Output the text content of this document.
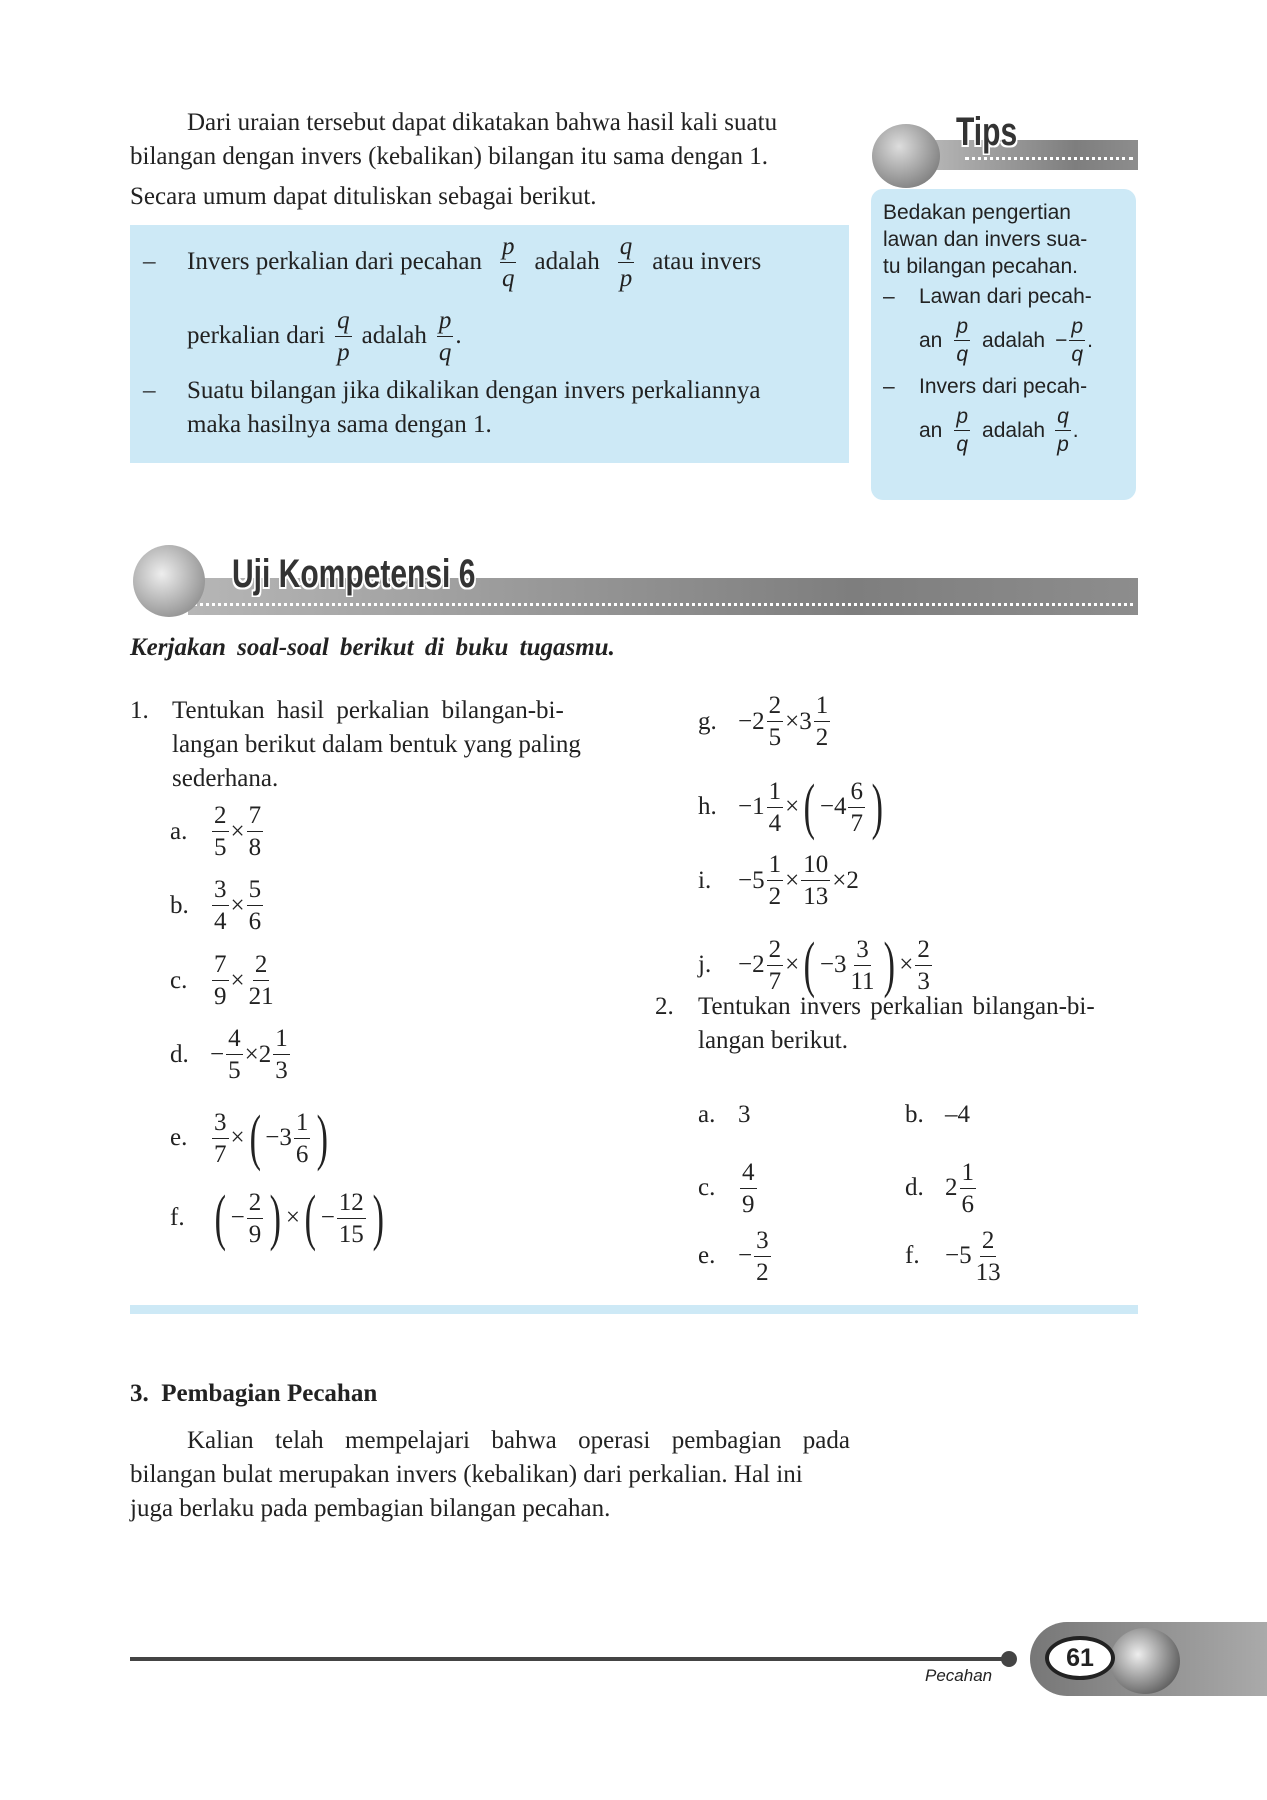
Dari uraian tersebut dapat dikatakan bahwa hasil kali suatu
bilangan dengan invers (kebalikan) bilangan itu sama dengan 1.
Secara umum dapat dituliskan sebagai berikut.
–	Invers perkalian dari pecahan $\frac{p}{q}$ adalah $\frac{q}{p}$ atau invers
perkalian dari $\frac{q}{p}$ adalah $\frac{p}{q}$ .
–	Suatu bilangan jika dikalikan dengan invers perkaliannya
maka hasilnya sama dengan 1.
Tips
Bedakan pengertian
lawan dan invers sua-
tu bilangan pecahan.
–	Lawan dari pecah-
an $\frac{p}{q}$ adalah − $\frac{p}{q}$ .
–	Invers dari pecah-
an $\frac{p}{q}$ adalah $\frac{q}{p}$ .
Uji Kompetensi 6
Kerjakan soal-soal berikut di buku tugasmu.
1. Tentukan hasil perkalian bilangan-bi-
langan berikut dalam bentuk yang paling
sederhana.
a. $\frac{2}{5} \times \frac{7}{8}$
b. $\frac{3}{4} \times \frac{5}{6}$
c. $\frac{7}{9} \times \frac{2}{21}$
d. − $\frac{4}{5} \times 2 \frac{1}{3}$
e. $\frac{3}{7}$ × ( $-3 \frac{1}{6}$ )
f. ( − $\frac{2}{9}$ ) × ( − $\frac{12}{15}$ )
g. $-2 \frac{2}{5} \times 3 \frac{1}{2}$
h. $-1 \frac{1}{4}$ × ( $-4 \frac{6}{7}$ )
i.	$-5 \frac{1}{2} \times \frac{10}{13} \times 2$
j.	$-2 \frac{2}{7}$ × ( $-3 \frac{3}{11}$ ) × $\frac{2}{3}$
a. 3	b. –4
c. $\frac{4}{9}$	d. $2 \frac{1}{6}$
e. − $\frac{3}{2}$	f.	$-5 \frac{2}{13}$
2. Tentukan invers perkalian bilangan-bi-
langan berikut.
3.  Pembagian Pecahan
Kalian telah mempelajari bahwa operasi pembagian pada
bilangan bulat merupakan invers (kebalikan) dari perkalian. Hal ini
juga berlaku pada pembagian bilangan pecahan.
Pecahan
61
